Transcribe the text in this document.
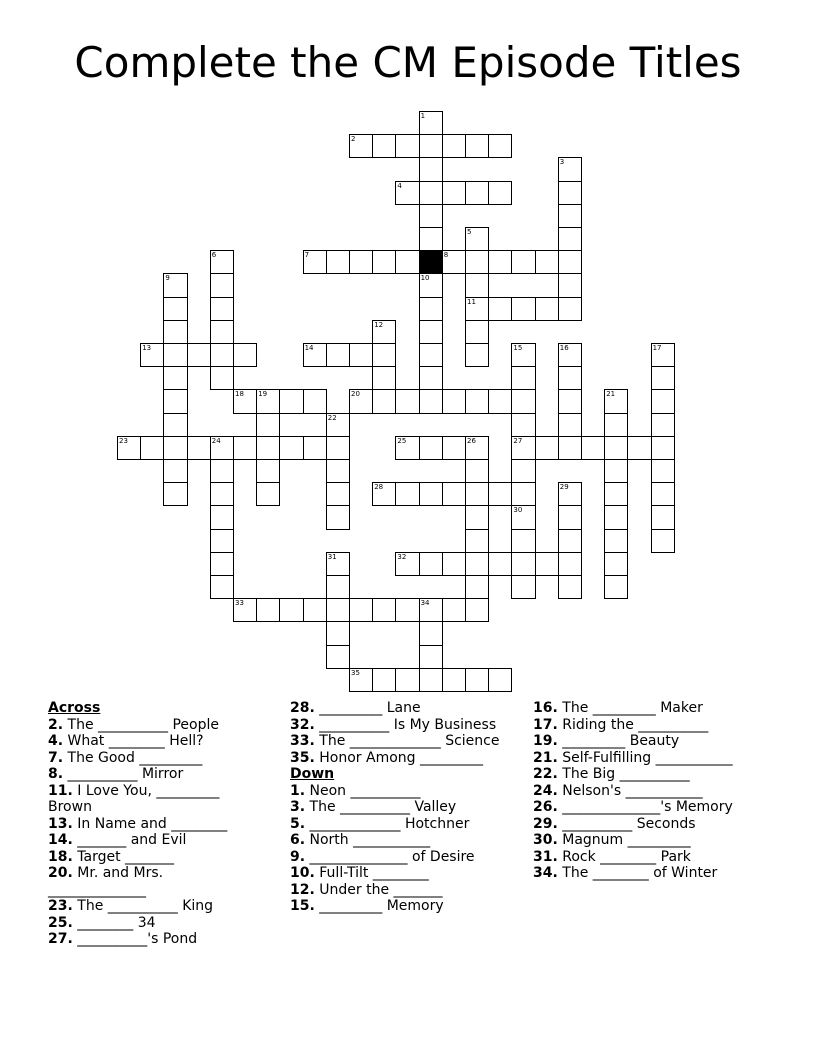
Complete the CM Episode Titles
1
10
3
5
11
6
9
12
15
27
30
16	17
19	21
22
24	26
29
31
34
2
4
7	8
13	14
18	20
23	25
28
32
33
35
Across
2. The __________ People
4. What ________ Hell?
7. The Good _________
8. __________ Mirror
11. I Love You, _________ Brown
13. In Name and ________
14. _______ and Evil
18. Target _______
20. Mr. and Mrs. ______________
23. The __________ King
25. ________ 34
27. __________'s Pond
28. _________ Lane
32. __________ Is My Business
33. The _____________ Science
35. Honor Among _________
Down
1. Neon __________
3. The __________ Valley
5. _____________ Hotchner
6. North ___________
9. ______________ of Desire
10. Full-Tilt ________
12. Under the _______
15. _________ Memory
16. The _________ Maker
17. Riding the __________
19. _________ Beauty
21. Self-Fulfilling ___________
22. The Big __________
24. Nelson's ___________
26. ______________'s Memory
29. __________ Seconds
30. Magnum _________
31. Rock ________ Park
34. The ________ of Winter
